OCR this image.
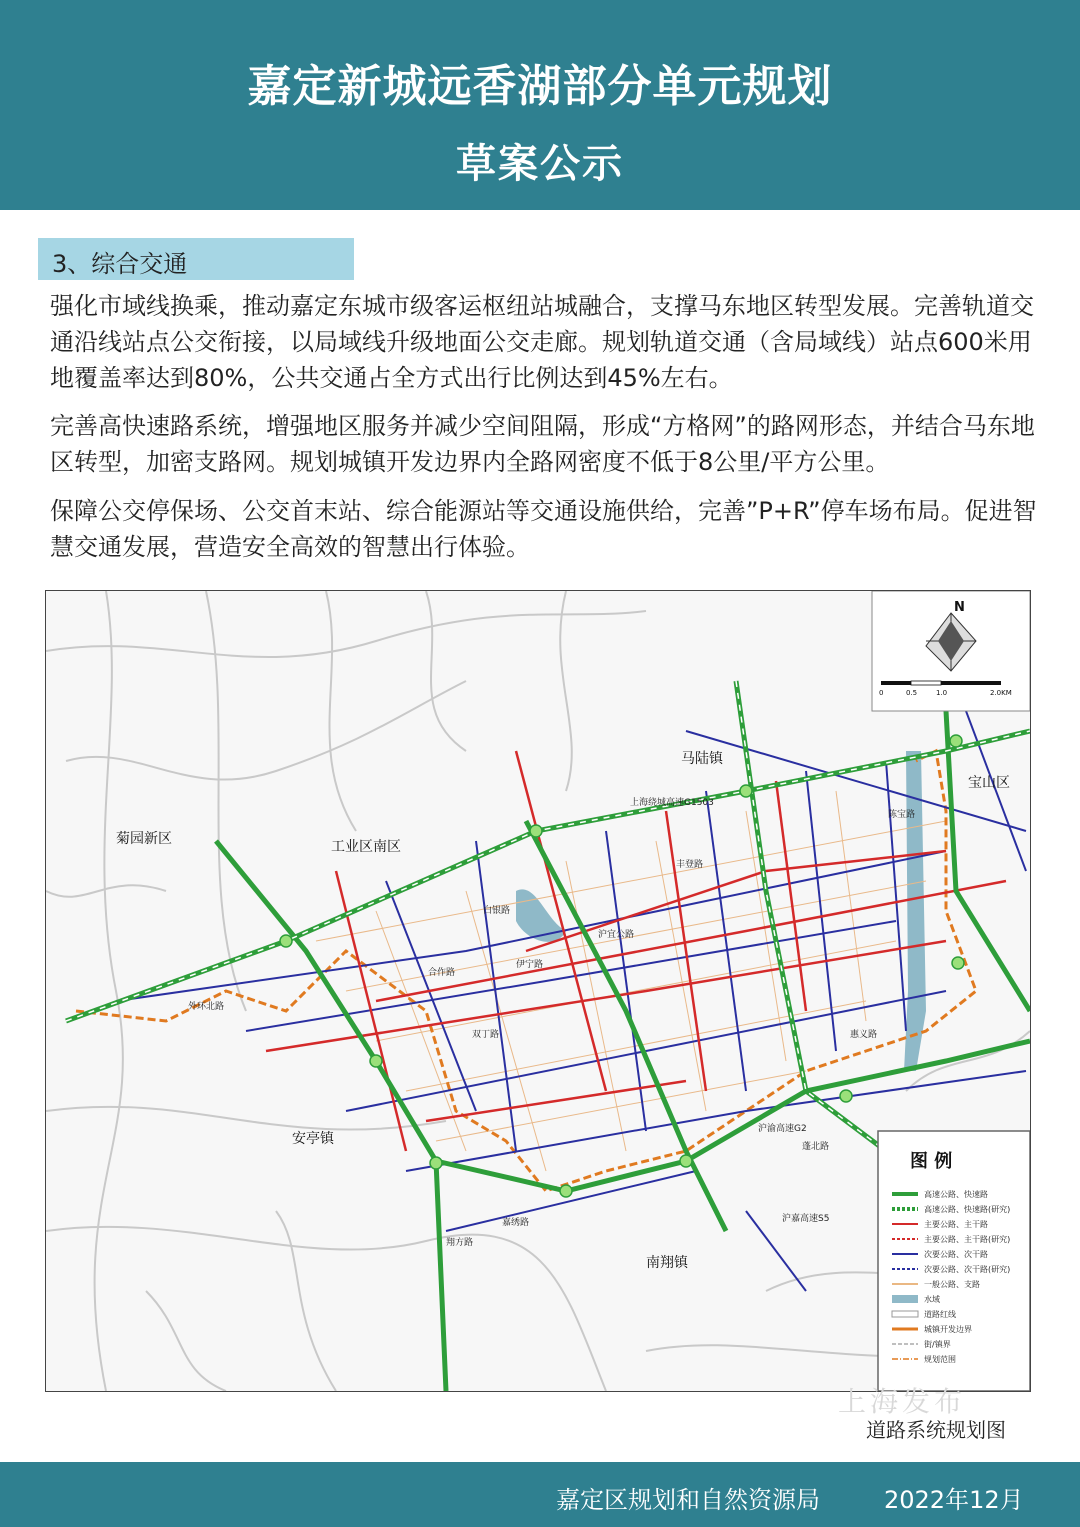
嘉定新城远香湖部分单元规划
草案公示
3、综合交通
强化市域线换乘，推动嘉定东城市级客运枢纽站城融合，支撑马东地区转型发展。完善轨道交通沿线站点公交衔接，以局域线升级地面公交走廊。规划轨道交通（含局域线）站点600米用地覆盖率达到80%，公共交通占全方式出行比例达到45%左右。
完善高快速路系统，增强地区服务并减少空间阻隔，形成“方格网”的路网形态，并结合马东地区转型，加密支路网。规划城镇开发边界内全路网密度不低于8公里/平方公里。
保障公交停保场、公交首末站、综合能源站等交通设施供给，完善”P+R”停车场布局。促进智慧交通发展，营造安全高效的智慧出行体验。
N
0	0.5	1.0	2.0KM
马陆镇
宝山区
菊园新区	工业区南区
安亭镇
南翔镇
上海绕城高速G1503
沪宜公路
丰登路
白银路
伊宁路
外环北路
合作路
双丁路
陈宝路
蓬北路
惠义路
沪渝高速G2
嘉绣路
翔方路
沪嘉高速S5
图 例
高速公路、快速路
高速公路、快速路(研究)
主要公路、主干路
主要公路、主干路(研究)
次要公路、次干路
次要公路、次干路(研究)
一般公路、支路
水域
道路红线
城镇开发边界
街/镇界
规划范围
上海发布
道路系统规划图
嘉定区规划和自然资源局	2022年12月
